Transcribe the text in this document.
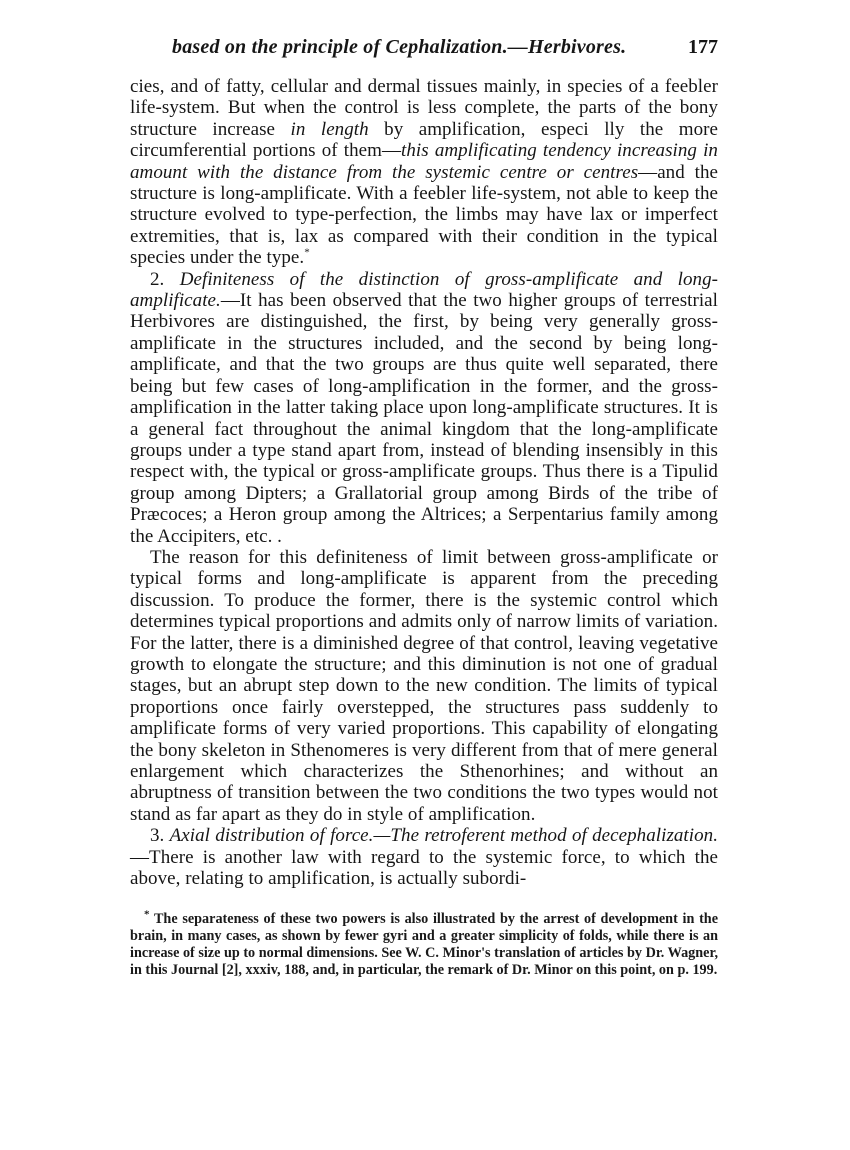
based on the principle of Cephalization.—Herbivores.	177

cies, and of fatty, cellular and dermal tissues mainly, in species of a feebler life-system. But when the control is less complete, the parts of the bony structure increase in length by amplification, especi lly the more circumferential portions of them—this amplificating tendency increasing in amount with the distance from the systemic centre or centres—and the structure is long-amplificate. With a feebler life-system, not able to keep the structure evolved to type-perfection, the limbs may have lax or imperfect extremities, that is, lax as compared with their condition in the typical species under the type.*

2. Definiteness of the distinction of gross-amplificate and long-amplificate.—It has been observed that the two higher groups of terrestrial Herbivores are distinguished, the first, by being very generally gross-amplificate in the structures included, and the second by being long-amplificate, and that the two groups are thus quite well separated, there being but few cases of long-amplification in the former, and the gross-amplification in the latter taking place upon long-amplificate structures. It is a general fact throughout the animal kingdom that the long-amplificate groups under a type stand apart from, instead of blending insensibly in this respect with, the typical or gross-amplificate groups. Thus there is a Tipulid group among Dipters; a Grallatorial group among Birds of the tribe of Præcoces; a Heron group among the Altrices; a Serpentarius family among the Accipiters, etc. .

The reason for this definiteness of limit between gross-amplificate or typical forms and long-amplificate is apparent from the preceding discussion. To produce the former, there is the systemic control which determines typical proportions and admits only of narrow limits of variation. For the latter, there is a diminished degree of that control, leaving vegetative growth to elongate the structure; and this diminution is not one of gradual stages, but an abrupt step down to the new condition. The limits of typical proportions once fairly overstepped, the structures pass suddenly to amplificate forms of very varied proportions. This capability of elongating the bony skeleton in Sthenomeres is very different from that of mere general enlargement which characterizes the Sthenorhines; and without an abruptness of transition between the two conditions the two types would not stand as far apart as they do in style of amplification.

3. Axial distribution of force.—The retroferent method of decephalization.—There is another law with regard to the systemic force, to which the above, relating to amplification, is actually subordi-

* The separateness of these two powers is also illustrated by the arrest of development in the brain, in many cases, as shown by fewer gyri and a greater simplicity of folds, while there is an increase of size up to normal dimensions. See W. C. Minor's translation of articles by Dr. Wagner, in this Journal [2], xxxiv, 188, and, in particular, the remark of Dr. Minor on this point, on p. 199.
